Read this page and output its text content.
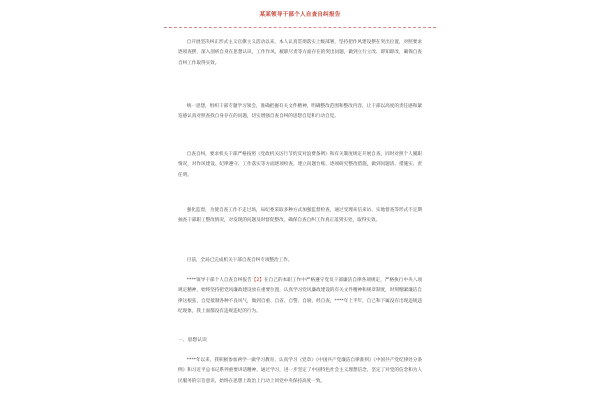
某某领导干部个人自查自纠报告

自开展坚决纠正形式主义官僚主义活动以来，本人认真贯彻落实上级部署，坚持把作风建设摆在突出位置，对照要求逐项查摆，深入剖析自身在思想认识、工作作风、履职尽责等方面存在的突出问题，做到立行立改、即知即改，确保自查自纠工作取得实效。

统一思想，组织干部专题学习领会，准确把握有关文件精神，明确整改范围和整改内容，让干部以高度的责任感和紧迫感认真对照查找自身存在的问题，切实增强自查自纠的思想自觉和行动自觉。

自查自纠，要求机关干部严格按照《党政机关厉行节约反对浪费条例》和有关制度规定开展自查，同时对照个人履职情况，对作风建设、纪律遵守、工作落实等方面逐项检查，建立问题台账，逐项研究整改措施，做到问题清、措施实、责任明。

强化监督，为使自查工作不走过场，局纪委采取多种方式加强监督检查，通过受理来信来访、实地督查等形式不定期抽查干部职工整改情况，对发现的问题及时督促整改，确保自查自纠工作真正落到实处，取得实效。

目前，全局已完成机关干部自查自纠专项整治工作。

****领导干部个人自查自纠报告【2】在自己的本职工作中严格遵守党员干部廉洁自律各项规定，严格执行中央八项规定精神，始终坚持把党风廉政建设放在重要位置，认真学习党风廉政建设的有关文件精神和规章制度，时刻绷紧廉洁自律这根弦，自觉抵制各种不良风气，做到自重、自省、自警、自励。经自查，****年上半年，自己和下属没有出现违规违纪现象，我上面都没有违规违纪的行为。

一、思想认识

****年以来，我积极参加两学一做学习教育，认真学习《党章》《中国共产党廉洁自律准则》《中国共产党纪律处分条例》和习近平总书记系列重要讲话精神，通过学习，进一步坚定了中国特色社会主义理想信念，坚定了对党的信念和为人民服务的宗旨意识，始终在思想上政治上行动上同党中央保持高度一致。
